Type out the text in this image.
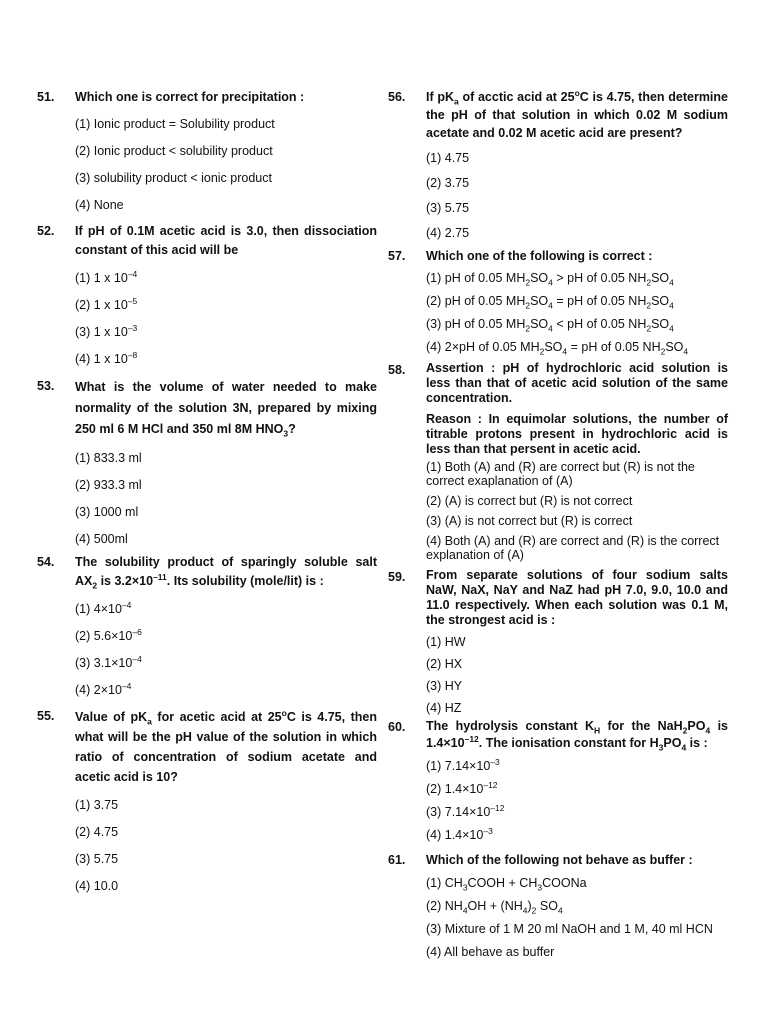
51.	Which one is correct for precipitation :
(1) Ionic product = Solubility product
(2) Ionic product < solubility product
(3) solubility product < ionic product
(4) None
52.	If pH of 0.1M acetic acid is 3.0, then dissociation constant of this acid will be
(1) 1 x $10^{-4}$
(2) 1 x $10^{-5}$
(3) 1 x $10^{-3}$
(4) 1 x $10^{-8}$
53.	What is the volume of water needed to make normality of the solution 3N, prepared by mixing 250 ml 6 M HCl and 350 ml 8M $HNO_3$?
(1) 833.3 ml
(2) 933.3 ml
(3) 1000 ml
(4) 500ml
54.	The solubility product of sparingly soluble salt $AX_2$ is $3.2\times 10^{-11}$. Its solubility (mole/lit) is :
(1) $4\times 10^{-4}$
(2) $5.6\times 10^{-6}$
(3) $3.1\times 10^{-4}$
(4) $2\times 10^{-4}$
55.	Value of $pK_a$ for acetic acid at 25$^o$C is 4.75, then what will be the pH value of the solution in which ratio of concentration of sodium acetate and acetic acid is 10?
(1) 3.75
(2) 4.75
(3) 5.75
(4) 10.0
56.	If $pK_a$ of acctic acid at 25$^o$C is 4.75, then determine the pH of that solution in which 0.02 M sodium acetate and 0.02 M acetic acid are present?
(1) 4.75
(2) 3.75
(3) 5.75
(4) 2.75
57.	Which one of the following is correct :
(1) pH of 0.05 $MH_2SO_4$ > pH of 0.05 $NH_2SO_4$
(2) pH of 0.05 $MH_2SO_4$ = pH of 0.05 $NH_2SO_4$
(3) pH of 0.05 $MH_2SO_4$ < pH of 0.05 $NH_2SO_4$
(4) 2×pH of 0.05 $MH_2SO_4$ = pH of 0.05 $NH_2SO_4$
58.	Assertion : pH of hydrochloric acid solution is less than that of acetic acid solution of the same concentration.
Reason : In equimolar solutions, the number of titrable protons present in hydrochloric acid is less than that persent in acetic acid.
(1) Both (A) and (R) are correct but (R) is not the correct exaplanation of (A)
(2) (A) is correct but (R) is not correct
(3) (A) is not correct but (R) is correct
(4) Both (A) and (R) are correct and (R) is the correct explanation of (A)
59.	From separate solutions of four sodium salts NaW, NaX, NaY and NaZ had pH 7.0, 9.0, 10.0 and 11.0 respectively. When each solution was 0.1 M, the strongest acid is :
(1) HW
(2) HX
(3) HY
(4) HZ
60.	The hydrolysis constant $K_H$ for the $NaH_2PO_4$ is $1.4\times 10^{-12}$. The ionisation constant for $H_3PO_4$ is :
(1) $7.14\times 10^{-3}$
(2) $1.4\times 10^{-12}$
(3) $7.14\times 10^{-12}$
(4) $1.4\times 10^{-3}$
61.	Which of the following not behave as buffer :
(1) $CH_3COOH$ + $CH_3COONa$
(2) $NH_4OH + (NH_4)_2$ $SO_4$
(3) Mixture of 1 M 20 ml NaOH and 1 M, 40 ml HCN
(4) All behave as buffer
